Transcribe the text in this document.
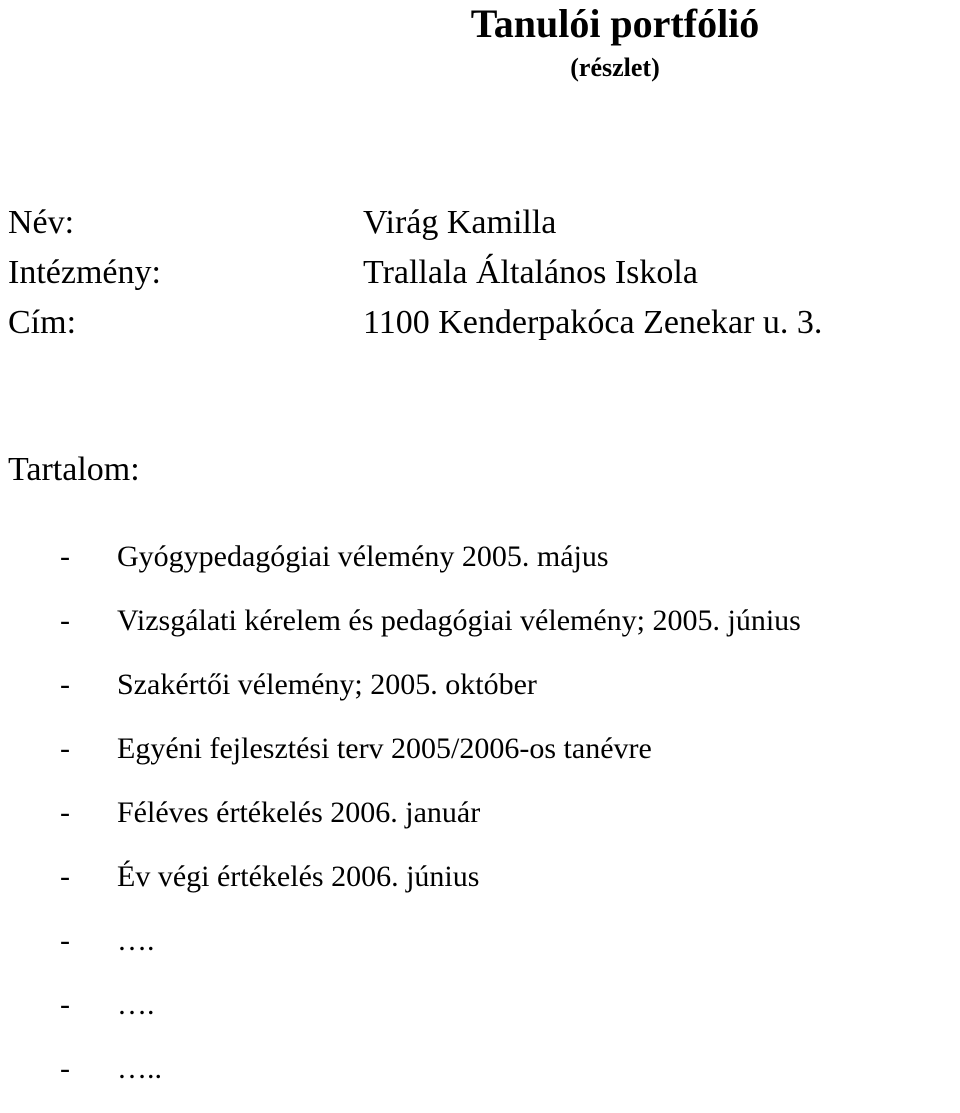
Tanulói portfólió
(részlet)
Név:	Virág Kamilla
Intézmény:	Trallala Általános Iskola
Cím:	1100 Kenderpakóca Zenekar u. 3.
Tartalom:
- Gyógypedagógiai vélemény 2005. május
- Vizsgálati kérelem és pedagógiai vélemény; 2005. június
- Szakértői vélemény; 2005. október
- Egyéni fejlesztési terv 2005/2006-os tanévre
- Féléves értékelés 2006. január
- Év végi értékelés 2006. június
- ….
- ….
- …..
